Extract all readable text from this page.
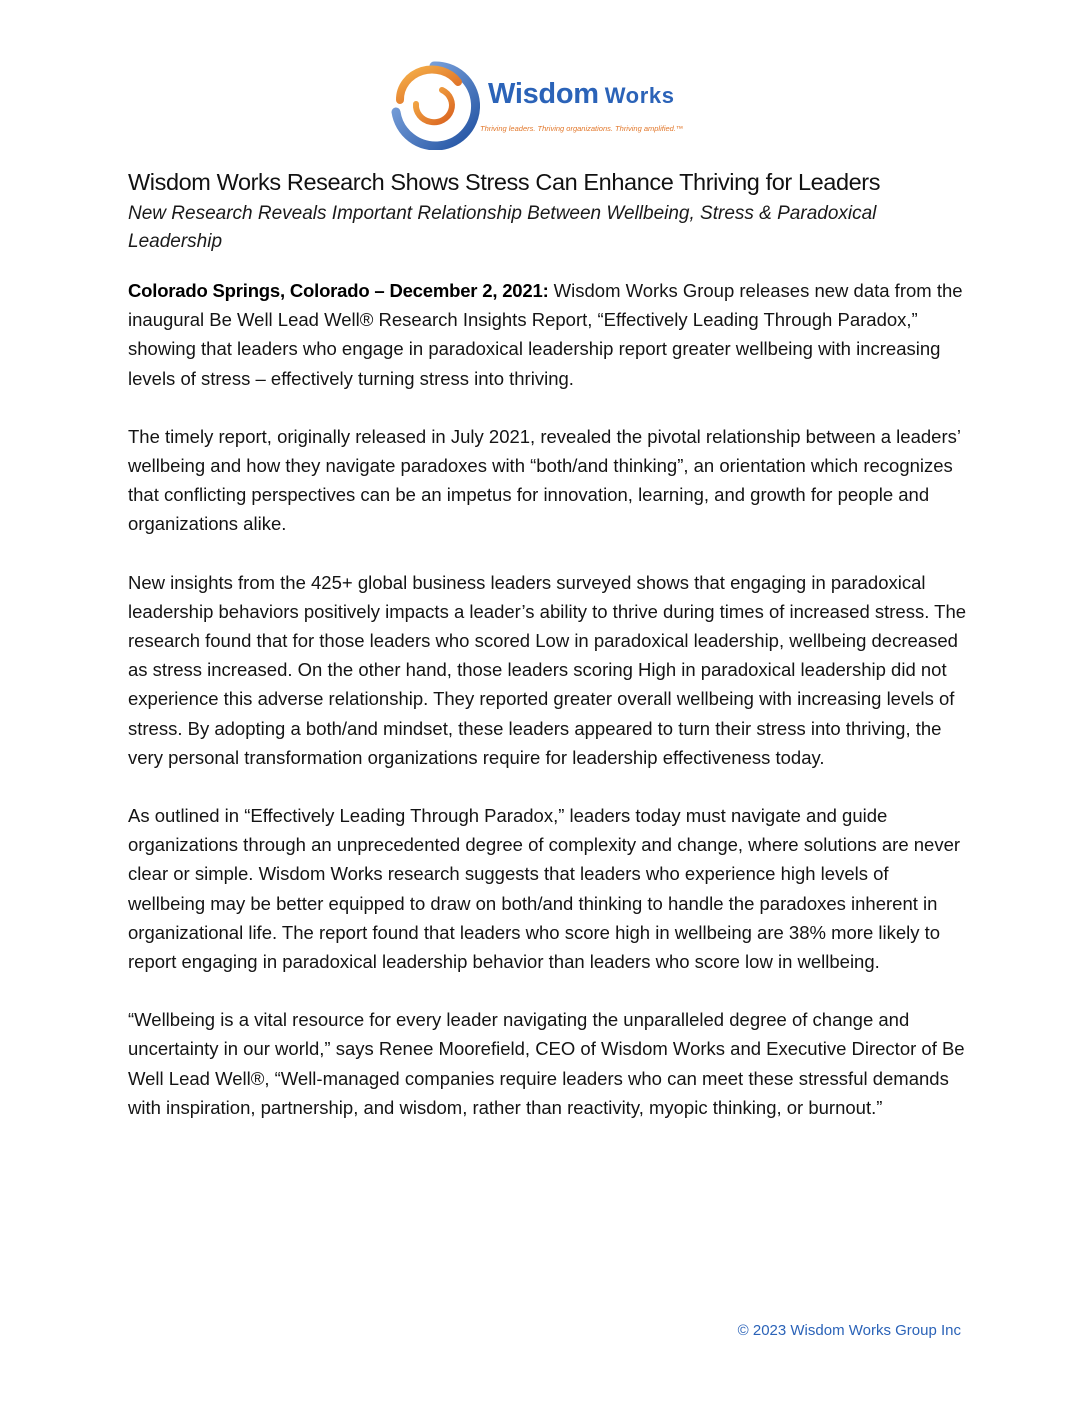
Wisdom Works
Thriving leaders. Thriving organizations. Thriving amplified.™
Wisdom Works Research Shows Stress Can Enhance Thriving for Leaders

New Research Reveals Important Relationship Between Wellbeing, Stress & Paradoxical Leadership

Colorado Springs, Colorado – December 2, 2021: Wisdom Works Group releases new data from the inaugural Be Well Lead Well® Research Insights Report, “Effectively Leading Through Paradox,” showing that leaders who engage in paradoxical leadership report greater wellbeing with increasing levels of stress – effectively turning stress into thriving.

The timely report, originally released in July 2021, revealed the pivotal relationship between a leaders’ wellbeing and how they navigate paradoxes with “both/and thinking”, an orientation which recognizes that conflicting perspectives can be an impetus for innovation, learning, and growth for people and organizations alike.

New insights from the 425+ global business leaders surveyed shows that engaging in paradoxical leadership behaviors positively impacts a leader’s ability to thrive during times of increased stress. The research found that for those leaders who scored Low in paradoxical leadership, wellbeing decreased as stress increased. On the other hand, those leaders scoring High in paradoxical leadership did not experience this adverse relationship. They reported greater overall wellbeing with increasing levels of stress. By adopting a both/and mindset, these leaders appeared to turn their stress into thriving, the very personal transformation organizations require for leadership effectiveness today.

As outlined in “Effectively Leading Through Paradox,” leaders today must navigate and guide organizations through an unprecedented degree of complexity and change, where solutions are never clear or simple. Wisdom Works research suggests that leaders who experience high levels of wellbeing may be better equipped to draw on both/and thinking to handle the paradoxes inherent in organizational life. The report found that leaders who score high in wellbeing are 38% more likely to report engaging in paradoxical leadership behavior than leaders who score low in wellbeing.

“Wellbeing is a vital resource for every leader navigating the unparalleled degree of change and uncertainty in our world,” says Renee Moorefield, CEO of Wisdom Works and Executive Director of Be Well Lead Well®, “Well-managed companies require leaders who can meet these stressful demands with inspiration, partnership, and wisdom, rather than reactivity, myopic thinking, or burnout.”

© 2023 Wisdom Works Group Inc
